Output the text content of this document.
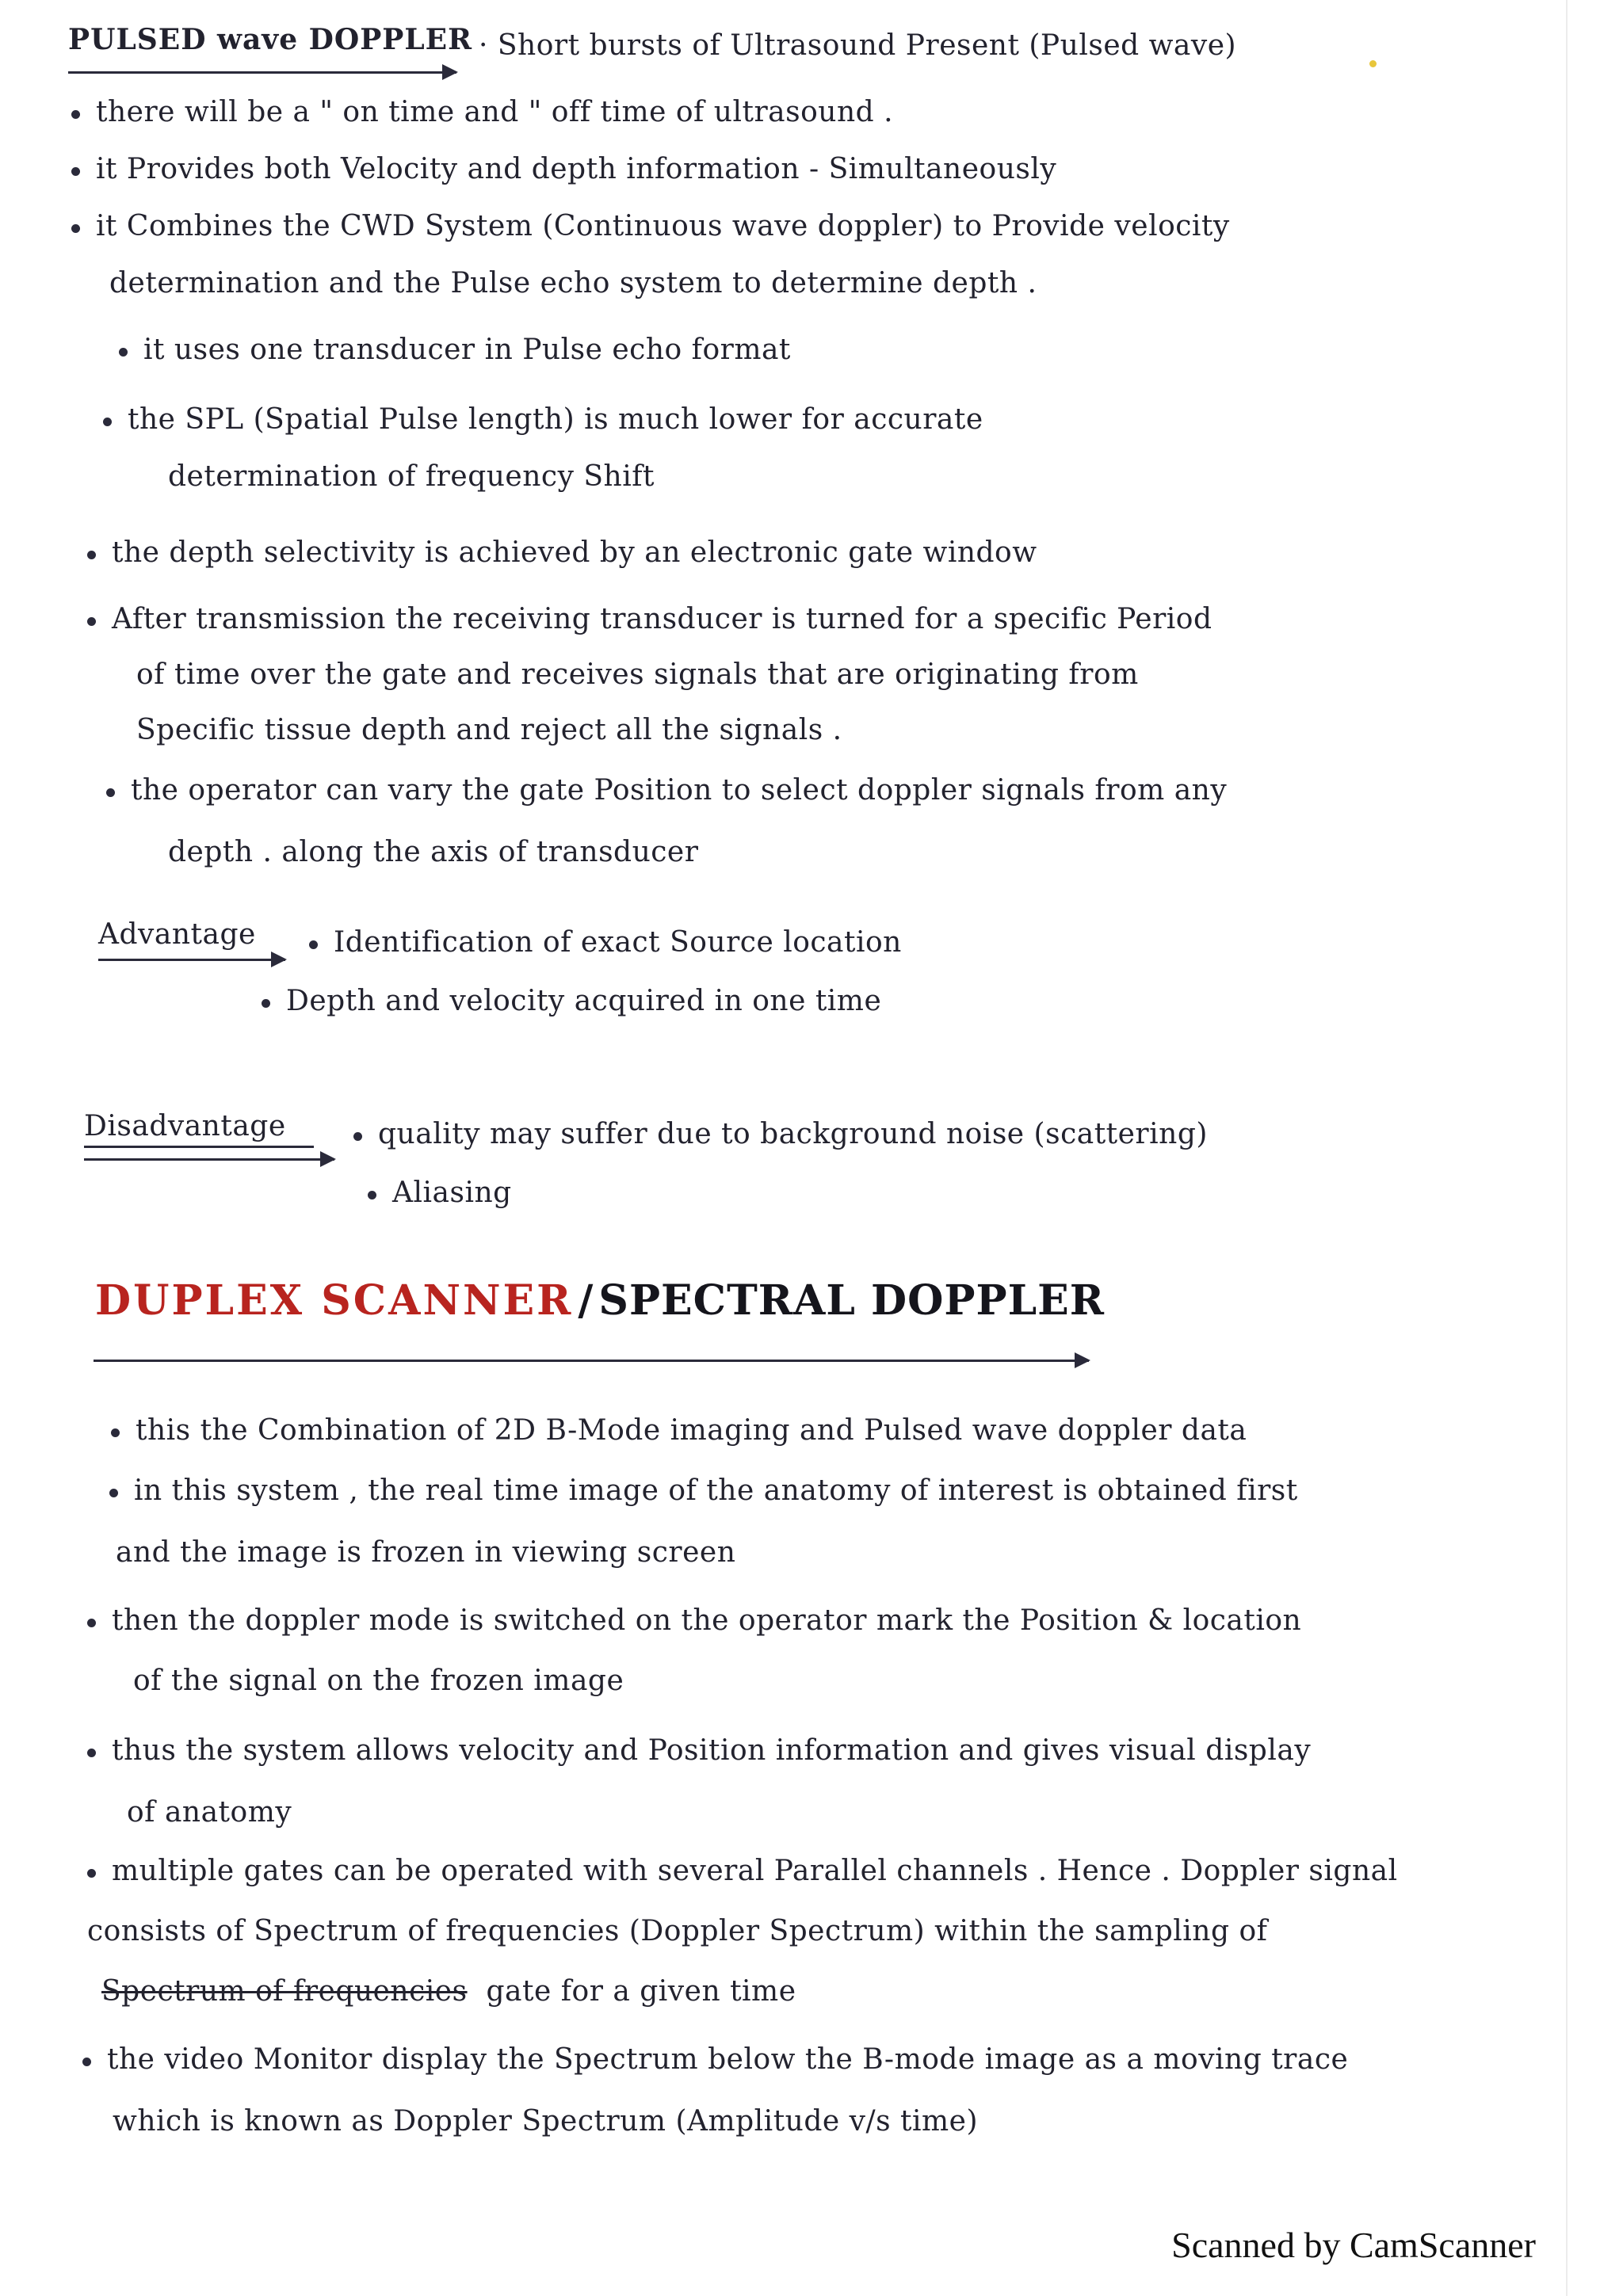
PULSED wave DOPPLER · Short bursts of Ultrasound Present (Pulsed wave)
there will be a " on time and " off time of ultrasound .
it Provides both Velocity and depth information - Simultaneously
it Combines the CWD System (Continuous wave doppler) to Provide velocity
determination and the Pulse echo system to determine depth .
it uses one transducer in Pulse echo format
the SPL (Spatial Pulse length) is much lower for accurate
determination of frequency Shift
the depth selectivity is achieved by an electronic gate window
After transmission the receiving transducer is turned for a specific Period
of time over the gate and receives signals that are originating from
Specific tissue depth and reject all the signals .
the operator can vary the gate Position to select doppler signals from any
depth . along the axis of transducer
Advantage	Identification of exact Source location
Depth and velocity acquired in one time
Disadvantage	quality may suffer due to background noise (scattering)
Aliasing
DUPLEX SCANNER / SPECTRAL DOPPLER
this the Combination of 2D B-Mode imaging and Pulsed wave doppler data
in this system , the real time image of the anatomy of interest is obtained first
and the image is frozen in viewing screen
then the doppler mode is switched on the operator mark the Position & location
of the signal on the frozen image
thus the system allows velocity and Position information and gives visual display
of anatomy
multiple gates can be operated with several Parallel channels . Hence . Doppler signal
consists of Spectrum of frequencies (Doppler Spectrum) within the sampling of
Spectrum of frequencies gate for a given time
the video Monitor display the Spectrum below the B-mode image as a moving trace
which is known as Doppler Spectrum (Amplitude v/s time)
Scanned by CamScanner
